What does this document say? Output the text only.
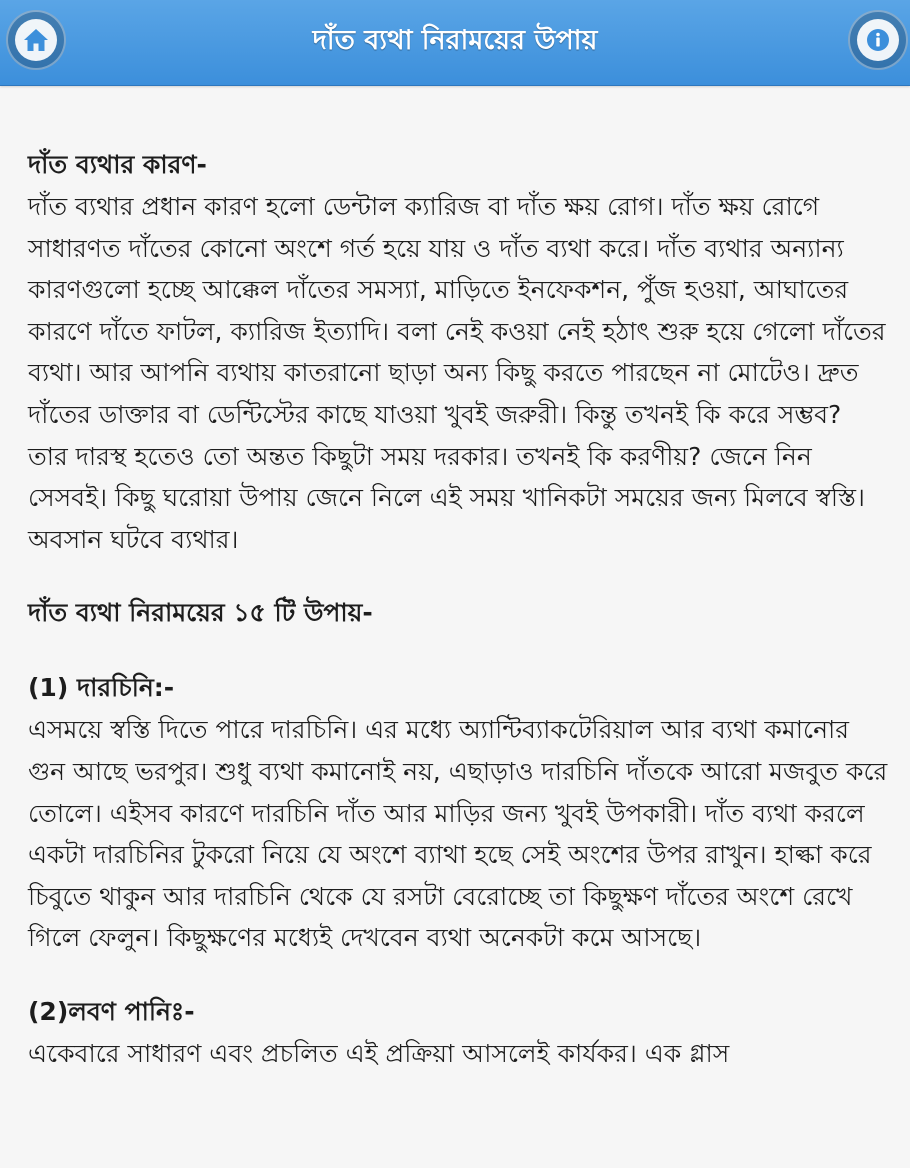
দাঁত ব্যথা নিরাময়ের উপায়

দাঁত ব্যথার কারণ-

দাঁত ব্যথার প্রধান কারণ হলো ডেন্টাল ক্যারিজ বা দাঁত ক্ষয় রোগ। দাঁত ক্ষয় রোগে সাধারণত দাঁতের কোনো অংশে গর্ত হয়ে যায় ও দাঁত ব্যথা করে। দাঁত ব্যথার অন্যান্য কারণগুলো হচ্ছে আক্কেল দাঁতের সমস্যা, মাড়িতে ইনফেকশন, পুঁজ হওয়া, আঘাতের কারণে দাঁতে ফাটল, ক্যারিজ ইত্যাদি। বলা নেই কওয়া নেই হঠাৎ শুরু হয়ে গেলো দাঁতের ব্যথা। আর আপনি ব্যথায় কাতরানো ছাড়া অন্য কিছু করতে পারছেন না মোটেও। দ্রুত দাঁতের ডাক্তার বা ডেন্টিস্টের কাছে যাওয়া খুবই জরুরী। কিন্তু তখনই কি করে সম্ভব? তার দারস্থ হতেও তো অন্তত কিছুটা সময় দরকার। তখনই কি করণীয়? জেনে নিন সেসবই। কিছু ঘরোয়া উপায় জেনে নিলে এই সময় খানিকটা সময়ের জন্য মিলবে স্বস্তি। অবসান ঘটবে ব্যথার।

দাঁত ব্যথা নিরাময়ের ১৫ টি উপায়-

(1) দারচিনি:-

এসময়ে স্বস্তি দিতে পারে দারচিনি। এর মধ্যে অ্যান্টিব্যাকটেরিয়াল আর ব্যথা কমানোর গুন আছে ভরপুর। শুধু ব্যথা কমানোই নয়, এছাড়াও দারচিনি দাঁতকে আরো মজবুত করে তোলে। এইসব কারণে দারচিনি দাঁত আর মাড়ির জন্য খুবই উপকারী। দাঁত ব্যথা করলে একটা দারচিনির টুকরো নিয়ে যে অংশে ব্যাথা হছে সেই অংশের উপর রাখুন। হাল্কা করে চিবুতে থাকুন আর দারচিনি থেকে যে রসটা বেরোচ্ছে তা কিছুক্ষণ দাঁতের অংশে রেখে গিলে ফেলুন। কিছুক্ষণের মধ্যেই দেখবেন ব্যথা অনেকটা কমে আসছে।

(2)লবণ পানিঃ-

একেবারে সাধারণ এবং প্রচলিত এই প্রক্রিয়া আসলেই কার্যকর। এক গ্লাস
